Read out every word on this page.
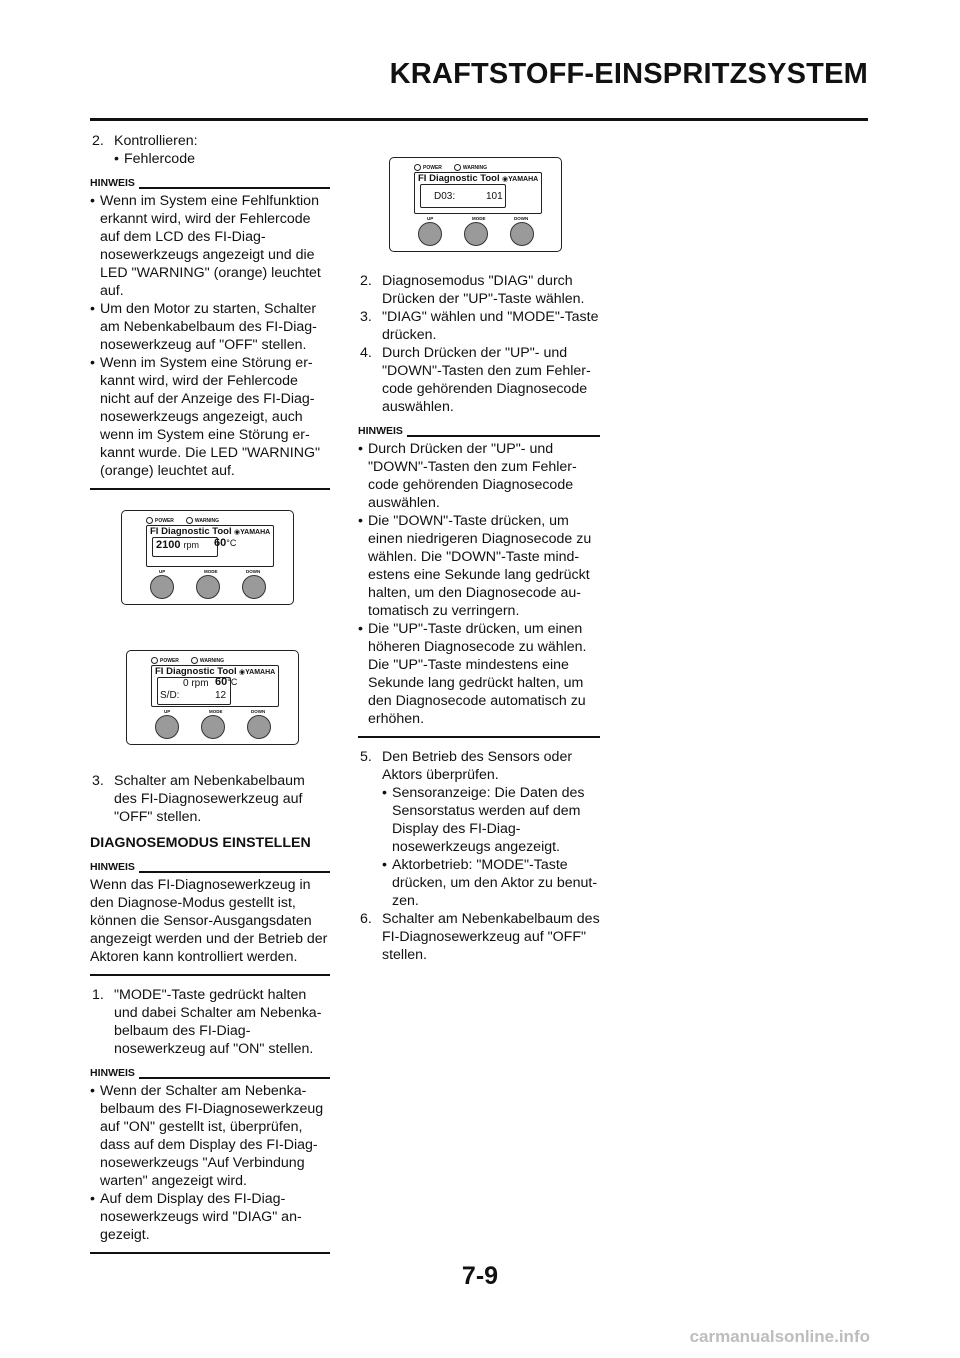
KRAFTSTOFF-EINSPRITZSYSTEM

2. Kontrollieren:

• Fehlercode

HINWEIS

• Wenn im System eine Fehlfunktion erkannt wird, wird der Fehlercode auf dem LCD des FI-Diag-nosewerkzeugs angezeigt und die LED "WARNING" (orange) leuchtet auf.

• Um den Motor zu starten, Schalter am Nebenkabelbaum des FI-Diag-nosewerkzeug auf "OFF" stellen.

• Wenn im System eine Störung er-kannt wird, wird der Fehlercode nicht auf der Anzeige des FI-Diag-nosewerkzeugs angezeigt, auch wenn im System eine Störung er-kannt wurde. Die LED "WARNING" (orange) leuchtet auf.

3. Schalter am Nebenkabelbaum des FI-Diagnosewerkzeug auf "OFF" stellen.

DIAGNOSEMODUS EINSTELLEN

HINWEIS

Wenn das FI-Diagnosewerkzeug in den Diagnose-Modus gestellt ist, können die Sensor-Ausgangsdaten angezeigt werden und der Betrieb der Aktoren kann kontrolliert werden.

1. "MODE"-Taste gedrückt halten und dabei Schalter am Nebenka-belbaum des FI-Diag-nosewerkzeug auf "ON" stellen.

HINWEIS

• Wenn der Schalter am Nebenka-belbaum des FI-Diagnosewerkzeug auf "ON" gestellt ist, überprüfen, dass auf dem Display des FI-Diag-nosewerkzeugs "Auf Verbindung warten" angezeigt wird.

• Auf dem Display des FI-Diag-nosewerkzeugs wird "DIAG" an-gezeigt.

POWER	WARNING
FI Diagnostic Tool ◉YAMAHA
2100 rpm 60°C
UP	MODE	DOWN
POWER	WARNING
FI Diagnostic Tool ◉YAMAHA
0 rpm 60°C
S/D:	12
UP	MODE	DOWN
POWER	WARNING
FI Diagnostic Tool ◉YAMAHA
D03:	101
UP	MODE	DOWN

2. Diagnosemodus "DIAG" durch Drücken der "UP"-Taste wählen.

3. "DIAG" wählen und "MODE"-Taste drücken.

4. Durch Drücken der "UP"- und "DOWN"-Tasten den zum Fehler-code gehörenden Diagnosecode auswählen.

HINWEIS

• Durch Drücken der "UP"- und "DOWN"-Tasten den zum Fehler-code gehörenden Diagnosecode auswählen.

• Die "DOWN"-Taste drücken, um einen niedrigeren Diagnosecode zu wählen. Die "DOWN"-Taste mind-estens eine Sekunde lang gedrückt halten, um den Diagnosecode au-tomatisch zu verringern.

• Die "UP"-Taste drücken, um einen höheren Diagnosecode zu wählen. Die "UP"-Taste mindestens eine Sekunde lang gedrückt halten, um den Diagnosecode automatisch zu erhöhen.

5. Den Betrieb des Sensors oder Aktors überprüfen.

• Sensoranzeige: Die Daten des Sensorstatus werden auf dem Display des FI-Diag-nosewerkzeugs angezeigt.

• Aktorbetrieb: "MODE"-Taste drücken, um den Aktor zu benut-zen.

6. Schalter am Nebenkabelbaum des FI-Diagnosewerkzeug auf "OFF" stellen.

7-9
carmanualsonline.info
